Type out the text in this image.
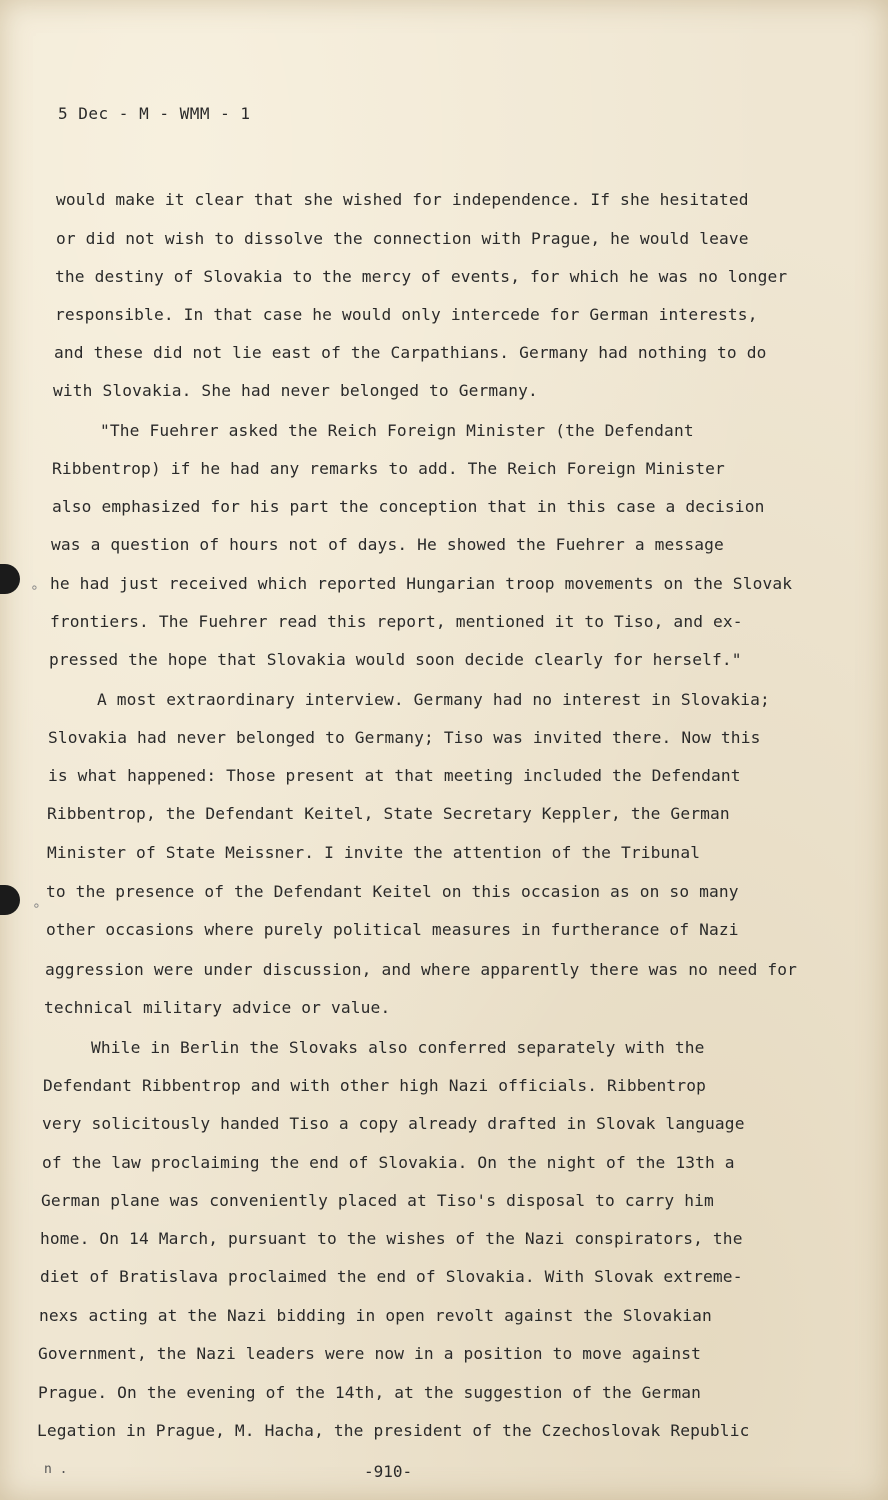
∘
∘
5 Dec - M - WMM - 1
would make it clear that she wished for independence. If she hesitated
or did not wish to dissolve the connection with Prague, he would leave
the destiny of Slovakia to the mercy of events, for which he was no longer
responsible. In that case he would only intercede for German interests,
and these did not lie east of the Carpathians. Germany had nothing to do
with Slovakia. She had never belonged to Germany.
"The Fuehrer asked the Reich Foreign Minister (the Defendant
Ribbentrop) if he had any remarks to add. The Reich Foreign Minister
also emphasized for his part the conception that in this case a decision
was a question of hours not of days. He showed the Fuehrer a message
he had just received which reported Hungarian troop movements on the Slovak
frontiers. The Fuehrer read this report, mentioned it to Tiso, and ex-
pressed the hope that Slovakia would soon decide clearly for herself."
A most extraordinary interview. Germany had no interest in Slovakia;
Slovakia had never belonged to Germany; Tiso was invited there. Now this
is what happened: Those present at that meeting included the Defendant
Ribbentrop, the Defendant Keitel, State Secretary Keppler, the German
Minister of State Meissner. I invite the attention of the Tribunal
to the presence of the Defendant Keitel on this occasion as on so many
other occasions where purely political measures in furtherance of Nazi
aggression were under discussion, and where apparently there was no need for
technical military advice or value.
While in Berlin the Slovaks also conferred separately with the
Defendant Ribbentrop and with other high Nazi officials. Ribbentrop
very solicitously handed Tiso a copy already drafted in Slovak language
of the law proclaiming the end of Slovakia. On the night of the 13th a
German plane was conveniently placed at Tiso's disposal to carry him
home. On 14 March, pursuant to the wishes of the Nazi conspirators, the
diet of Bratislava proclaimed the end of Slovakia. With Slovak extreme-
nexs acting at the Nazi bidding in open revolt against the Slovakian
Government, the Nazi leaders were now in a position to move against
Prague. On the evening of the 14th, at the suggestion of the German
Legation in Prague, M. Hacha, the president of the Czechoslovak Republic
n .	-910-
